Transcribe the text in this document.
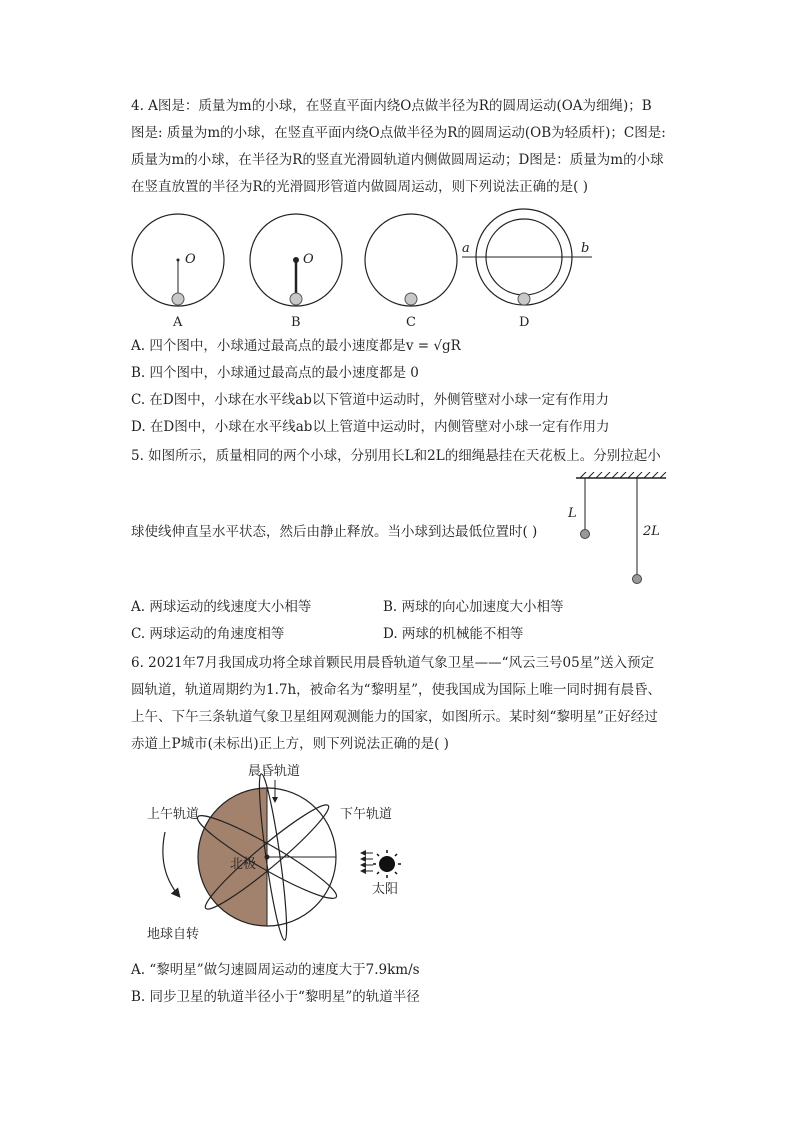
4. A图是：质量为m的小球，在竖直平面内绕O点做半径为R的圆周运动(OA为细绳)；B
图是: 质量为m的小球，在竖直平面内绕O点做半径为R的圆周运动(OB为轻质杆)；C图是:
质量为m的小球，在半径为R的竖直光滑圆轨道内侧做圆周运动；D图是：质量为m的小球
在竖直放置的半径为R的光滑圆形管道内做圆周运动，则下列说法正确的是( )
O
A
O
B	C
a	b
D
A. 四个图中，小球通过最高点的最小速度都是v = √gR
B. 四个图中，小球通过最高点的最小速度都是 0
C. 在D图中，小球在水平线ab以下管道中运动时，外侧管壁对小球一定有作用力
D. 在D图中，小球在水平线ab以上管道中运动时，内侧管壁对小球一定有作用力
5. 如图所示，质量相同的两个小球，分别用长L和2L的细绳悬挂在天花板上。分别拉起小
L
2L
球使线伸直呈水平状态，然后由静止释放。当小球到达最低位置时( )
A. 两球运动的线速度大小相等	B. 两球的向心加速度大小相等
C. 两球运动的角速度相等	D. 两球的机械能不相等
6. 2021年7月我国成功将全球首颗民用晨昏轨道气象卫星——“风云三号05星”送入预定
圆轨道，轨道周期约为1.7h，被命名为“黎明星”，使我国成为国际上唯一同时拥有晨昏、
上午、下午三条轨道气象卫星组网观测能力的国家，如图所示。某时刻“黎明星”正好经过
赤道上P城市(未标出)正上方，则下列说法正确的是( )
北极
晨昏轨道
上午轨道	下午轨道
地球自转
太阳
A. “黎明星”做匀速圆周运动的速度大于7.9km/s
B. 同步卫星的轨道半径小于“黎明星”的轨道半径
